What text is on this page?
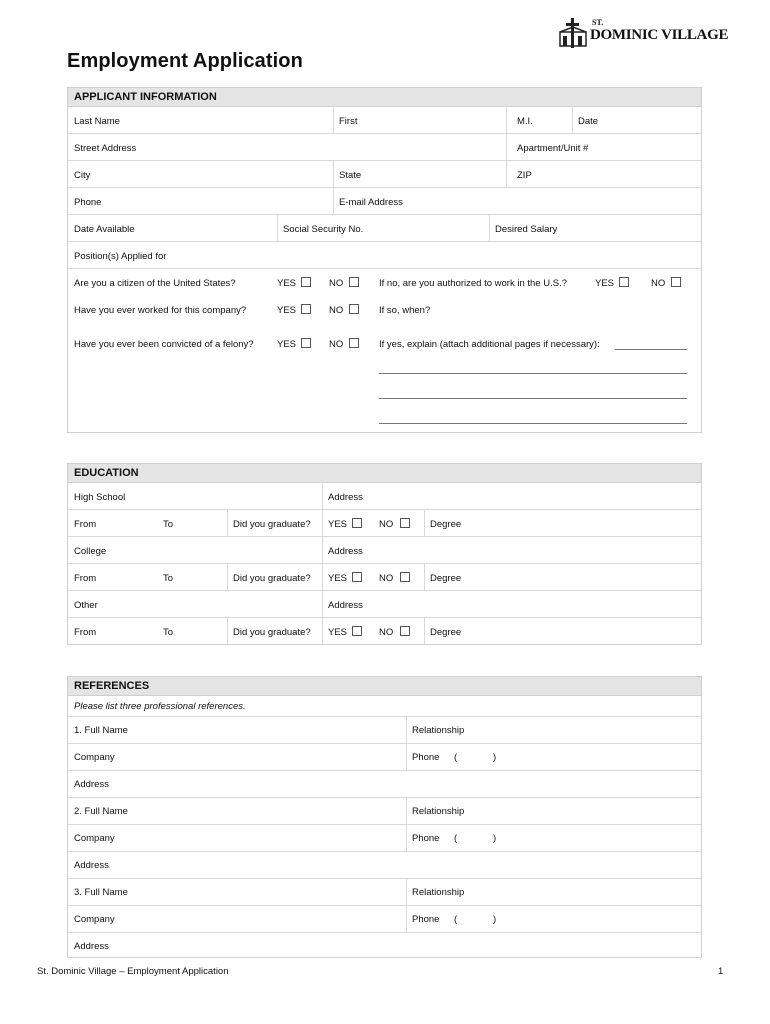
ST.
DOMINIC VILLAGE
Employment Application
APPLICANT INFORMATION
Last Name	First	M.I.	Date
Street Address	Apartment/Unit #
City	State	ZIP
Phone	E-mail Address
Date Available	Social Security No.	Desired Salary
Position(s) Applied for
Are you a citizen of the United States?	YES	NO	If no, are you authorized to work in the U.S.?	YES	NO
Have you ever worked for this company?	YES	NO	If so, when?
Have you ever been convicted of a felony? YES	NO	If yes, explain (attach additional pages if necessary):
EDUCATION
High School	Address
From	To	Did you graduate? YES	NO	Degree
College	Address
From	To	Did you graduate? YES	NO	Degree
Other	Address
From	To	Did you graduate? YES	NO	Degree
REFERENCES
Please list three professional references.
1. Full Name	Relationship
Company	Phone (	)
Address
2. Full Name	Relationship
Company	Phone (	)
Address
3. Full Name	Relationship
Company	Phone (	)
Address
St. Dominic Village – Employment Application	1
